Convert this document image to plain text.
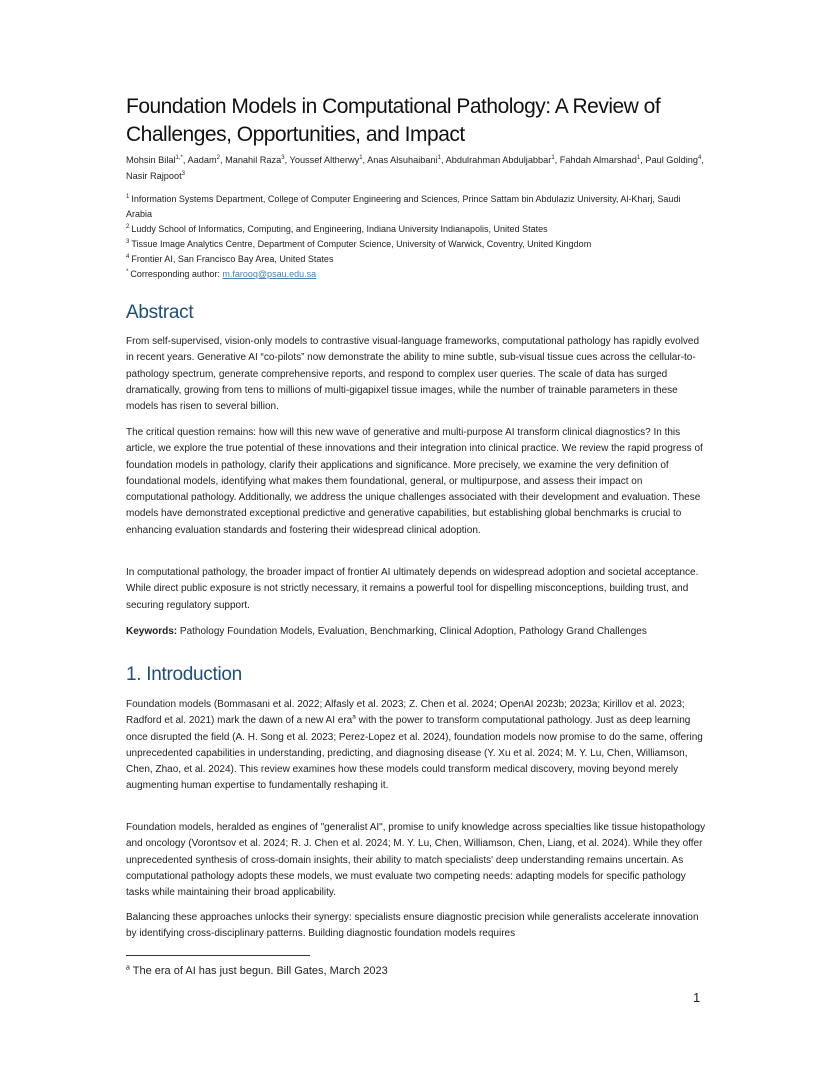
Foundation Models in Computational Pathology: A Review of Challenges, Opportunities, and Impact
Mohsin Bilal$^{1,*}$, Aadam$^2$, Manahil Raza$^3$, Youssef Altherwy$^1$, Anas Alsuhaibani$^1$, Abdulrahman Abduljabbar$^1$, Fahdah Almarshad$^1$, Paul Golding$^4$, Nasir Rajpoot$^3$
$^1$ Information Systems Department, College of Computer Engineering and Sciences, Prince Sattam bin Abdulaziz University, Al-Kharj, Saudi Arabia
$^2$ Luddy School of Informatics, Computing, and Engineering, Indiana University Indianapolis, United States
$^3$ Tissue Image Analytics Centre, Department of Computer Science, University of Warwick, Coventry, United Kingdom
$^4$ Frontier AI, San Francisco Bay Area, United States
* Corresponding author: m.farooq@psau.edu.sa
Abstract

From self-supervised, vision-only models to contrastive visual-language frameworks, computational pathology has rapidly evolved in recent years. Generative AI “co-pilots” now demonstrate the ability to mine subtle, sub-visual tissue cues across the cellular-to-pathology spectrum, generate comprehensive reports, and respond to complex user queries. The scale of data has surged dramatically, growing from tens to millions of multi-gigapixel tissue images, while the number of trainable parameters in these models has risen to several billion.

The critical question remains: how will this new wave of generative and multi-purpose AI transform clinical diagnostics? In this article, we explore the true potential of these innovations and their integration into clinical practice. We review the rapid progress of foundation models in pathology, clarify their applications and significance. More precisely, we examine the very definition of foundational models, identifying what makes them foundational, general, or multipurpose, and assess their impact on computational pathology. Additionally, we address the unique challenges associated with their development and evaluation. These models have demonstrated exceptional predictive and generative capabilities, but establishing global benchmarks is crucial to enhancing evaluation standards and fostering their widespread clinical adoption.

In computational pathology, the broader impact of frontier AI ultimately depends on widespread adoption and societal acceptance. While direct public exposure is not strictly necessary, it remains a powerful tool for dispelling misconceptions, building trust, and securing regulatory support.

Keywords: Pathology Foundation Models, Evaluation, Benchmarking, Clinical Adoption, Pathology Grand Challenges

1. Introduction

Foundation models (Bommasani et al. 2022; Alfasly et al. 2023; Z. Chen et al. 2024; OpenAI 2023b; 2023a; Kirillov et al. 2023; Radford et al. 2021) mark the dawn of a new AI era$^a$ with the power to transform computational pathology. Just as deep learning once disrupted the field (A. H. Song et al. 2023; Perez-Lopez et al. 2024), foundation models now promise to do the same, offering unprecedented capabilities in understanding, predicting, and diagnosing disease (Y. Xu et al. 2024; M. Y. Lu, Chen, Williamson, Chen, Zhao, et al. 2024). This review examines how these models could transform medical discovery, moving beyond merely augmenting human expertise to fundamentally reshaping it.

Foundation models, heralded as engines of "generalist AI", promise to unify knowledge across specialties like tissue histopathology and oncology (Vorontsov et al. 2024; R. J. Chen et al. 2024; M. Y. Lu, Chen, Williamson, Chen, Liang, et al. 2024). While they offer unprecedented synthesis of cross-domain insights, their ability to match specialists' deep understanding remains uncertain. As computational pathology adopts these models, we must evaluate two competing needs: adapting models for specific pathology tasks while maintaining their broad applicability.

Balancing these approaches unlocks their synergy: specialists ensure diagnostic precision while generalists accelerate innovation by identifying cross-disciplinary patterns. Building diagnostic foundation models requires

$^a$ The era of AI has just begun. Bill Gates, March 2023
1
